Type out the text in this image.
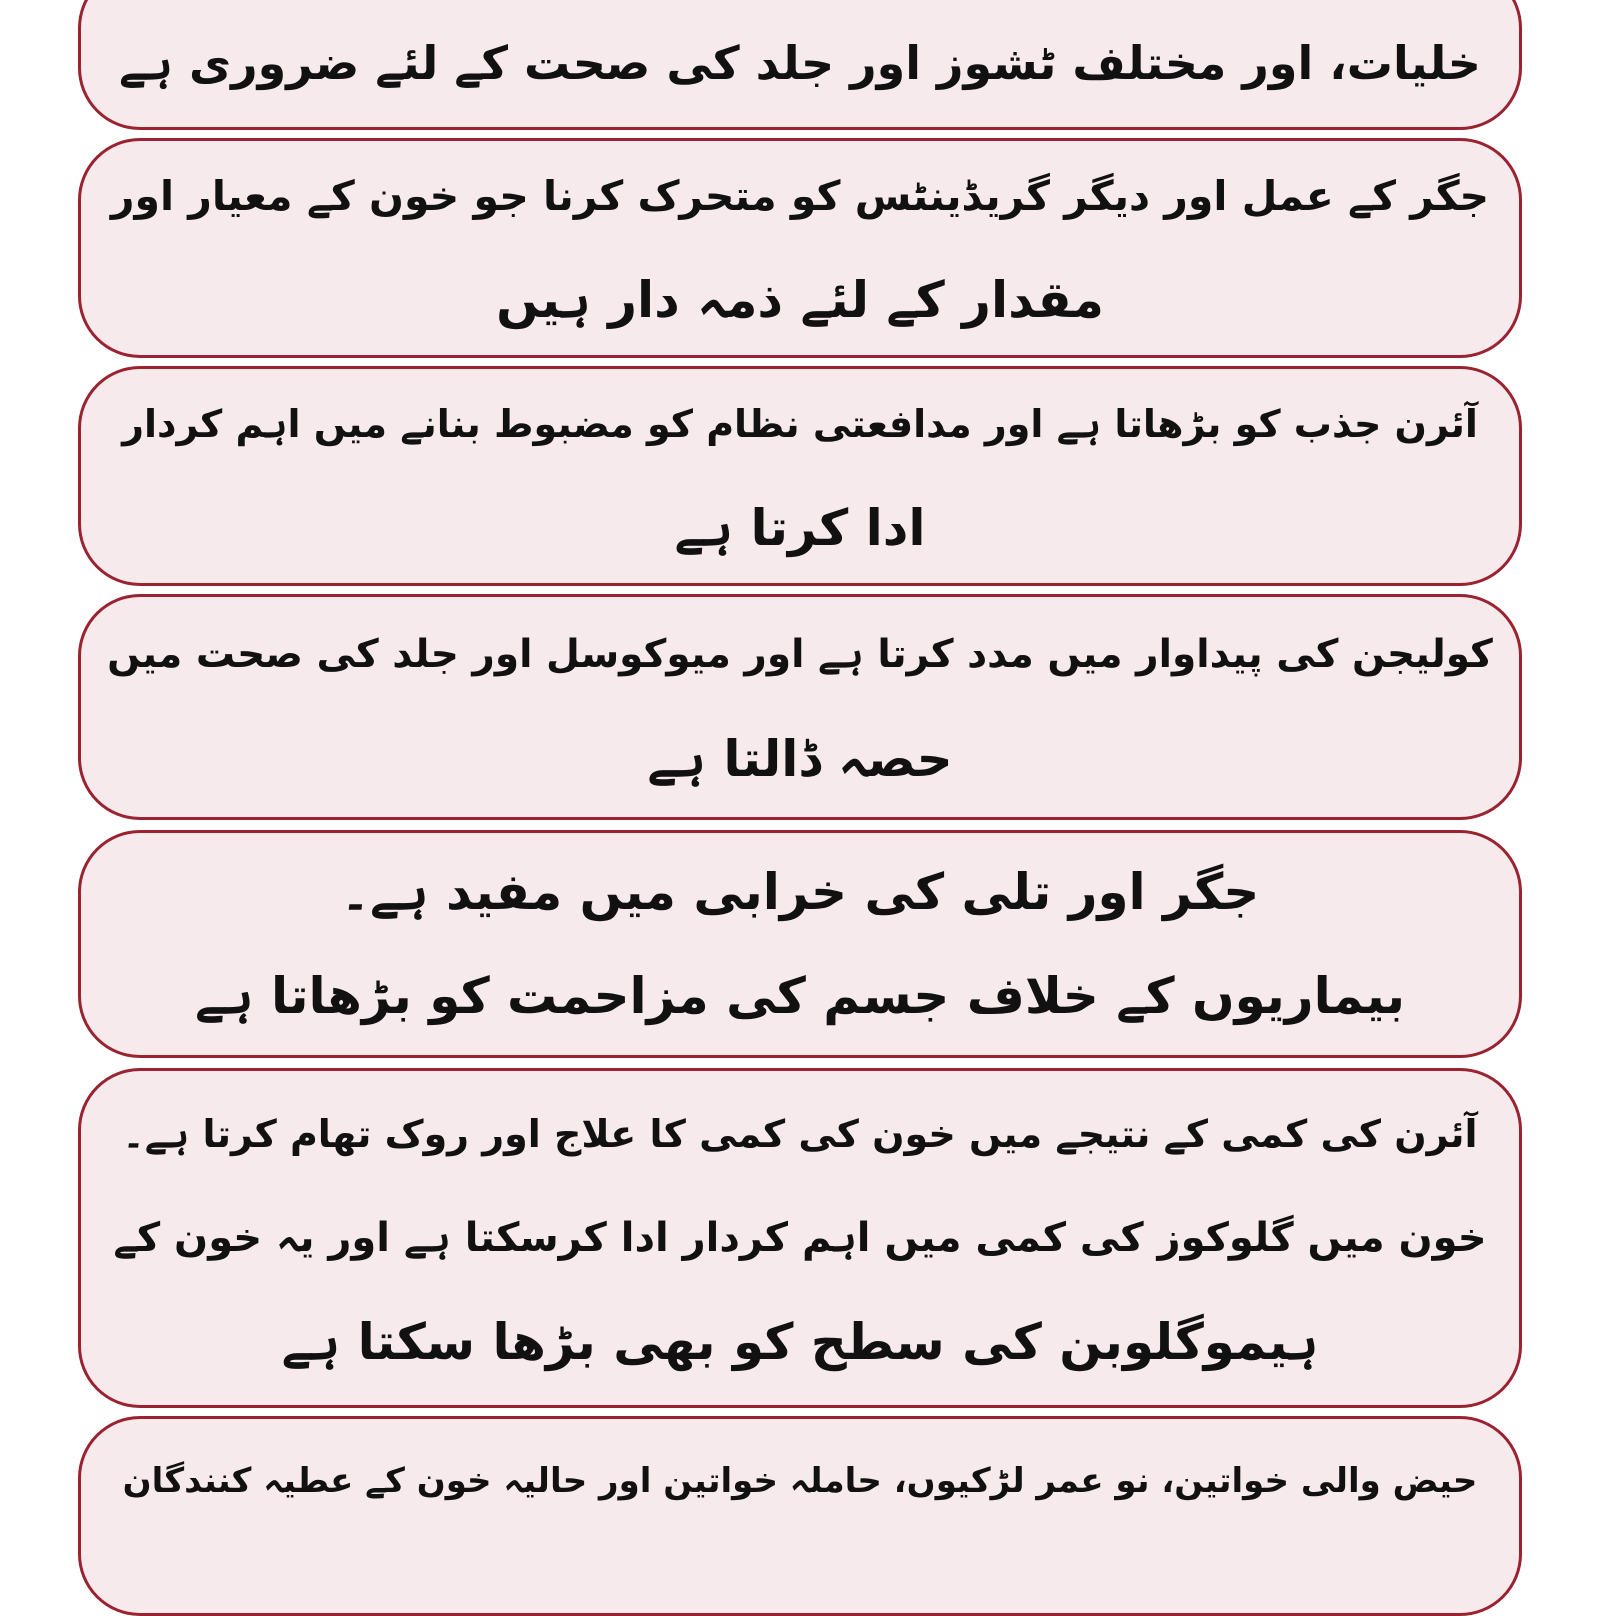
خلیات، اور مختلف ٹشوز اور جلد کی صحت کے لئے ضروری ہے
جگر کے عمل اور دیگر گریڈینٹس کو متحرک کرنا جو خون کے معیار اور
مقدار کے لئے ذمہ دار ہیں
آئرن جذب کو بڑھاتا ہے اور مدافعتی نظام کو مضبوط بنانے میں اہم کردار
ادا کرتا ہے
کولیجن کی پیداوار میں مدد کرتا ہے اور میوکوسل اور جلد کی صحت میں
حصہ ڈالتا ہے
جگر اور تلی کی خرابی میں مفید ہے۔
بیماریوں کے خلاف جسم کی مزاحمت کو بڑھاتا ہے
آئرن کی کمی کے نتیجے میں خون کی کمی کا علاج اور روک تھام کرتا ہے۔
خون میں گلوکوز کی کمی میں اہم کردار ادا کرسکتا ہے اور یہ خون کے
ہیموگلوبن کی سطح کو بھی بڑھا سکتا ہے
حیض والی خواتین، نو عمر لڑکیوں، حاملہ خواتین اور حالیہ خون کے عطیہ کنندگان
